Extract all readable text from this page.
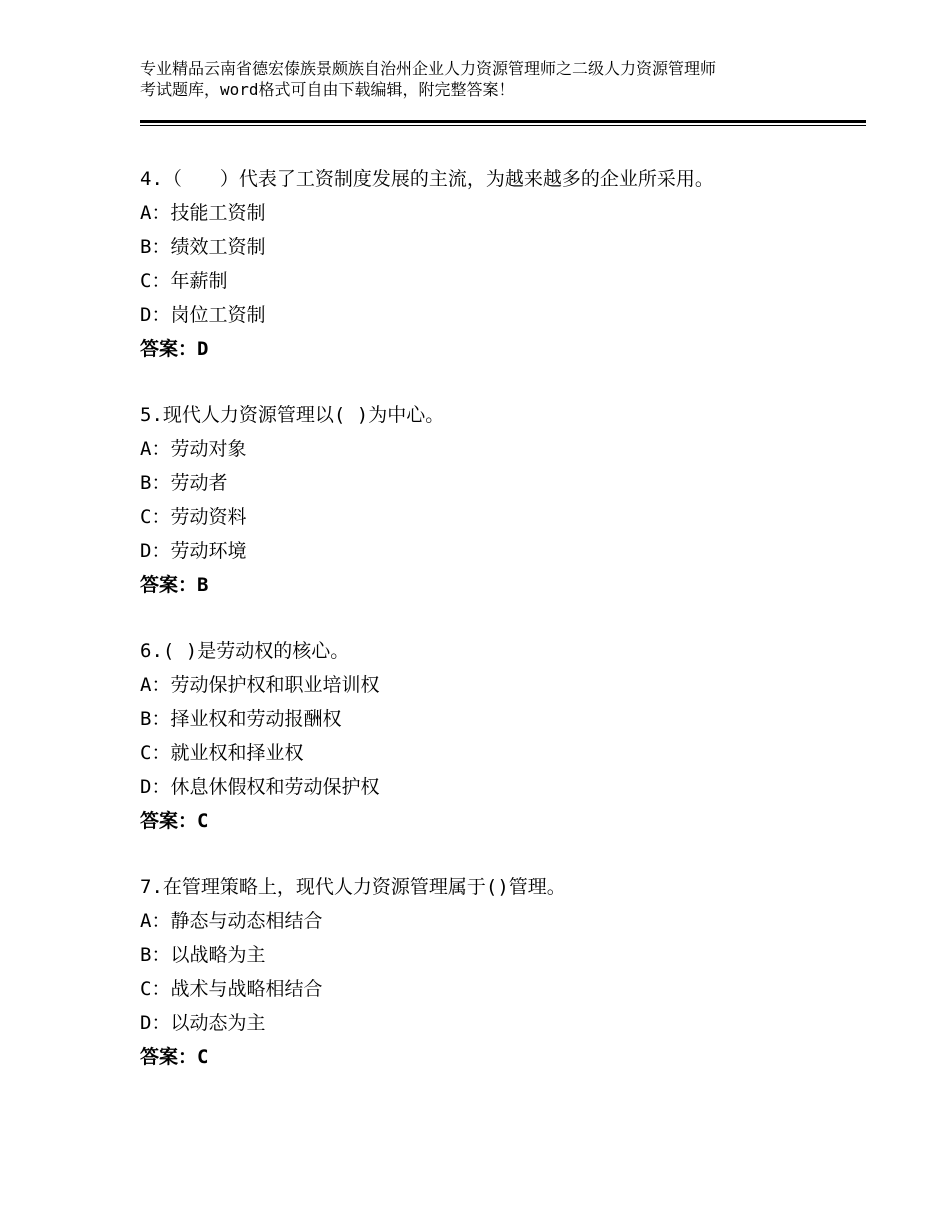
专业精品云南省德宏傣族景颇族自治州企业人力资源管理师之二级人力资源管理师
考试题库，word格式可自由下载编辑，附完整答案！
4.（　　）代表了工资制度发展的主流，为越来越多的企业所采用。
A：技能工资制
B：绩效工资制
C：年薪制
D：岗位工资制
答案：D
5.现代人力资源管理以( )为中心。
A：劳动对象
B：劳动者
C：劳动资料
D：劳动环境
答案：B
6.( )是劳动权的核心。
A：劳动保护权和职业培训权
B：择业权和劳动报酬权
C：就业权和择业权
D：休息休假权和劳动保护权
答案：C
7.在管理策略上，现代人力资源管理属于()管理。
A：静态与动态相结合
B：以战略为主
C：战术与战略相结合
D：以动态为主
答案：C
